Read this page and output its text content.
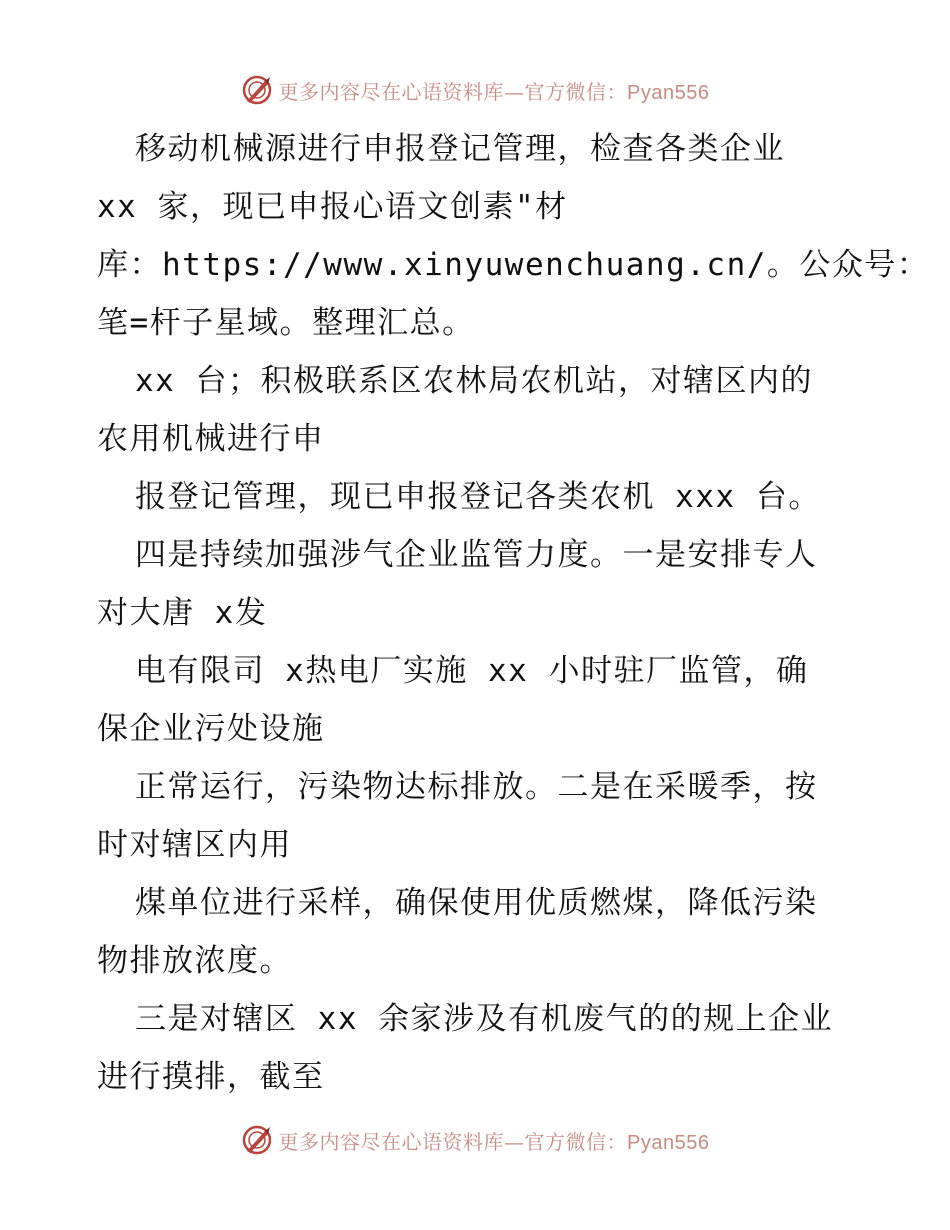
更多内容尽在心语资料库—官方微信：Pyan556
移动机械源进行申报登记管理，检查各类企业
xx 家，现已申报心语文创素"材
库：https://www.xinyuwenchuang.cn/。公众号：
笔=杆子星域。整理汇总。
xx 台；积极联系区农林局农机站，对辖区内的
农用机械进行申
报登记管理，现已申报登记各类农机 xxx 台。
四是持续加强涉气企业监管力度。一是安排专人
对大唐 x发
电有限司 x热电厂实施 xx 小时驻厂监管，确
保企业污处设施
正常运行，污染物达标排放。二是在采暖季，按
时对辖区内用
煤单位进行采样，确保使用优质燃煤，降低污染
物排放浓度。
三是对辖区 xx 余家涉及有机废气的的规上企业
进行摸排，截至
更多内容尽在心语资料库—官方微信：Pyan556
